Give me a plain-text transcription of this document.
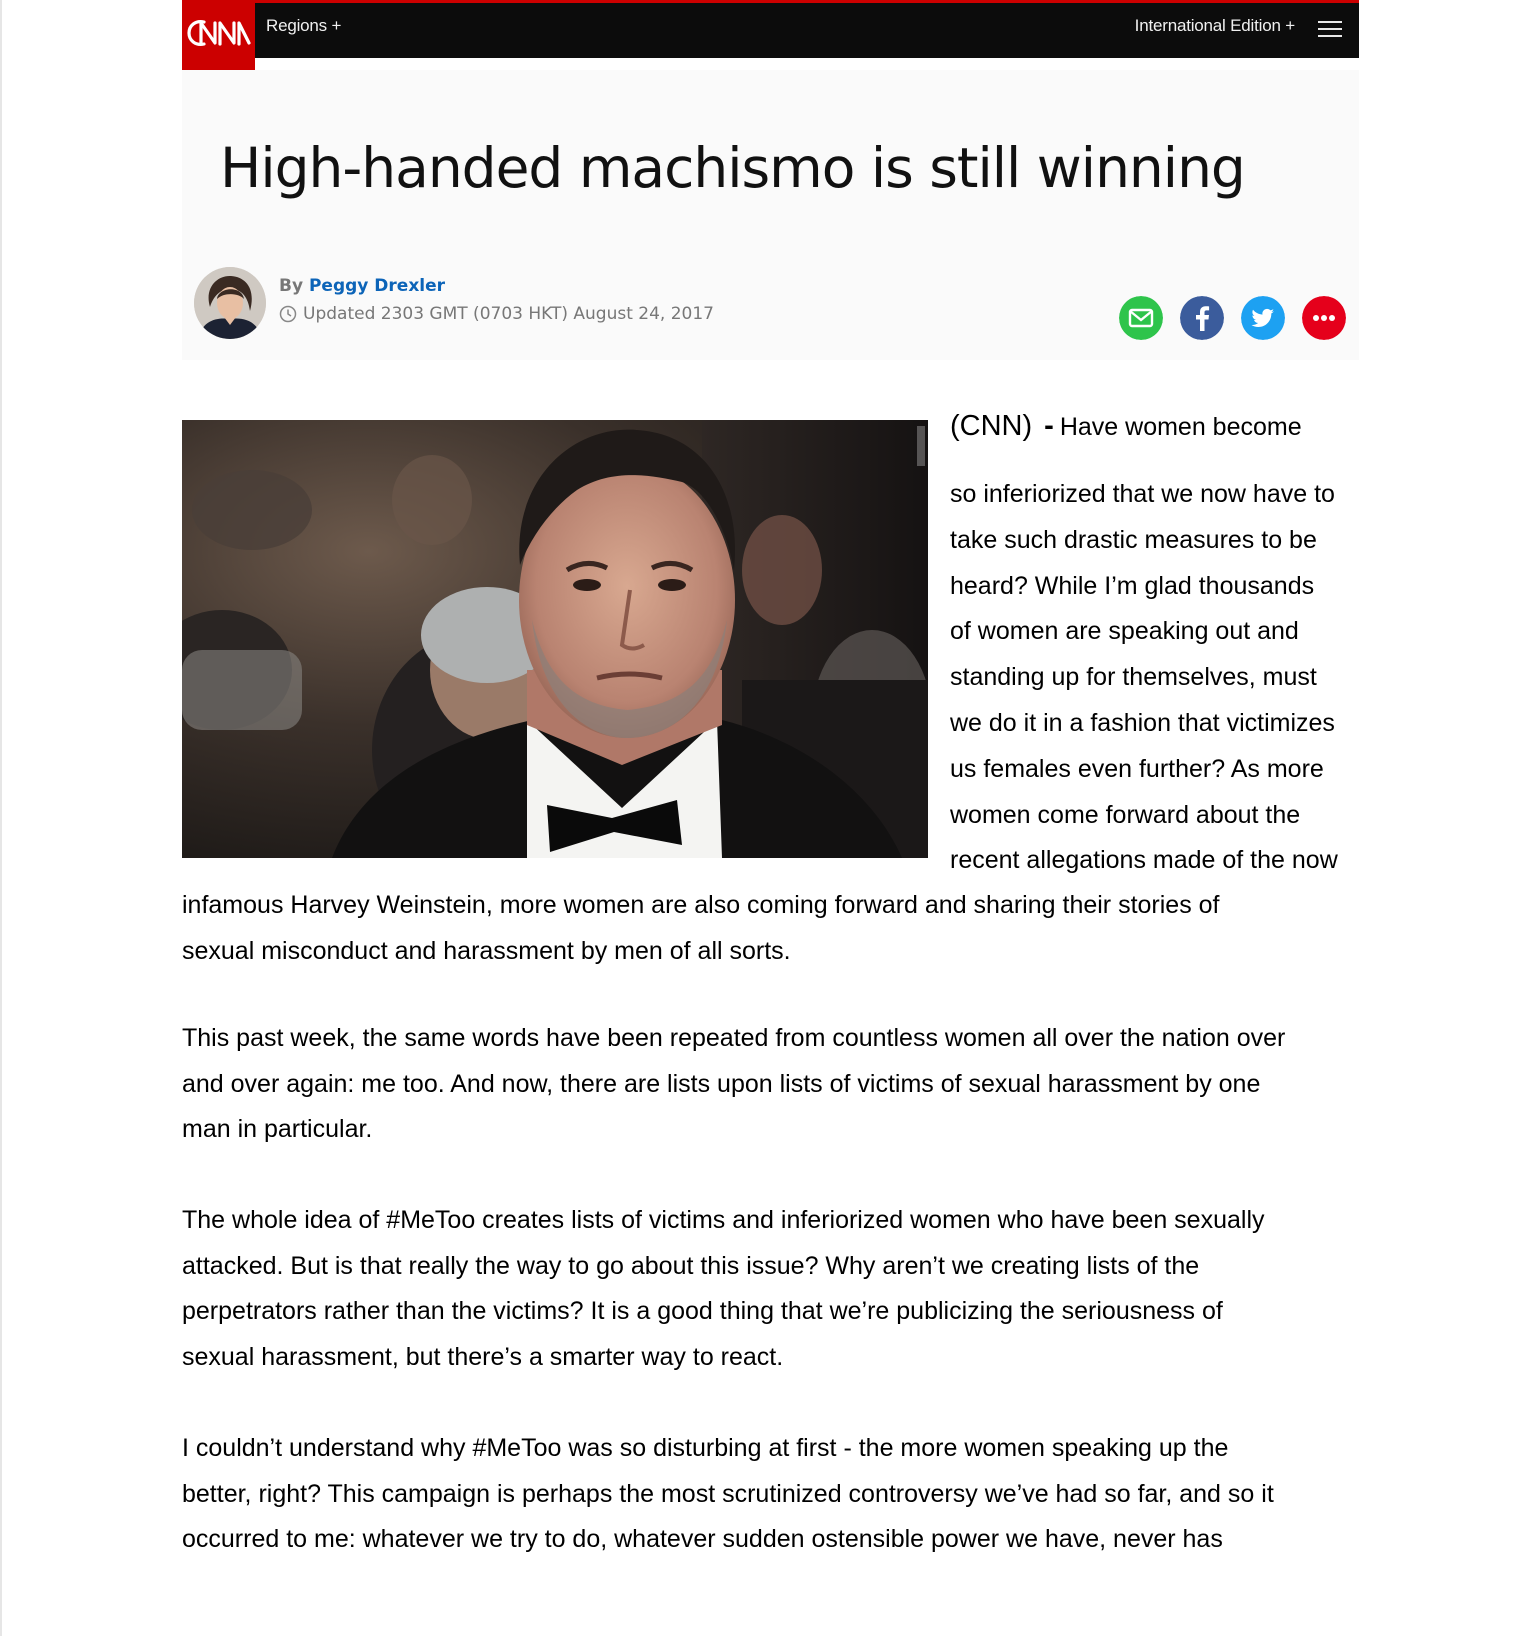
Regions +	International Edition +
High-handed machismo is still winning
By Peggy Drexler
Updated 2303 GMT (0703 HKT) August 24, 2017
(CNN) - Have women become
so inferiorized that we now have to
take such drastic measures to be
heard? While I’m glad thousands
of women are speaking out and
standing up for themselves, must
we do it in a fashion that victimizes
us females even further? As more
women come forward about the
recent allegations made of the now
infamous Harvey Weinstein, more women are also coming forward and sharing their stories of
sexual misconduct and harassment by men of all sorts.
This past week, the same words have been repeated from countless women all over the nation over
and over again: me too. And now, there are lists upon lists of victims of sexual harassment by one
man in particular.
The whole idea of #MeToo creates lists of victims and inferiorized women who have been sexually
attacked. But is that really the way to go about this issue? Why aren’t we creating lists of the
perpetrators rather than the victims? It is a good thing that we’re publicizing the seriousness of
sexual harassment, but there’s a smarter way to react.
I couldn’t understand why #MeToo was so disturbing at first - the more women speaking up the
better, right? This campaign is perhaps the most scrutinized controversy we’ve had so far, and so it
occurred to me: whatever we try to do, whatever sudden ostensible power we have, never has
